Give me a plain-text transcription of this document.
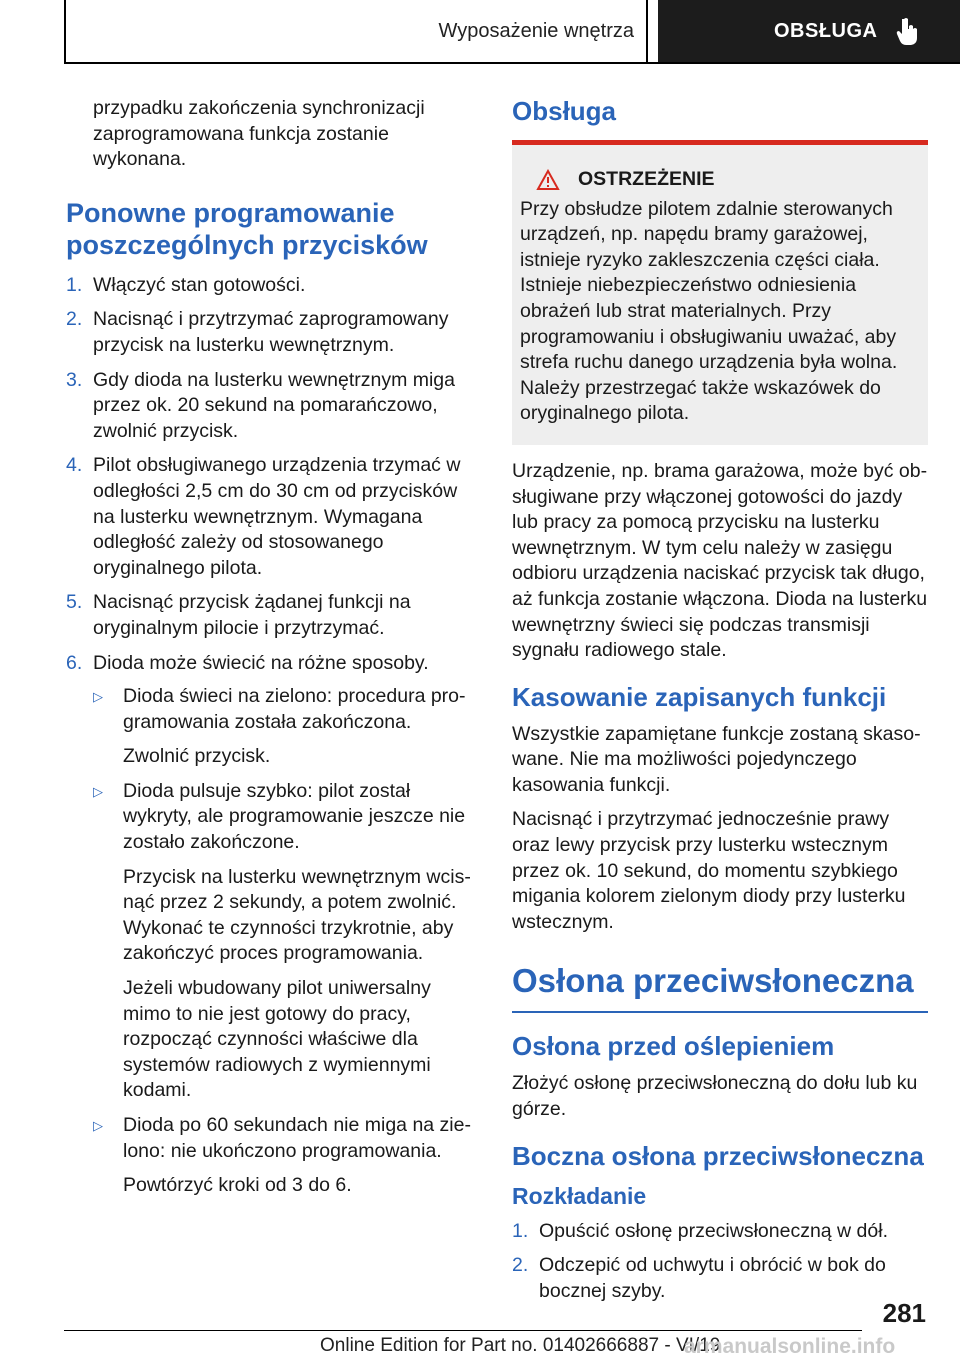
Wyposażenie wnętrza	OBSŁUGA

przypadku zakończenia synchronizacji zaprogramowana funkcja zostanie wykonana.

Ponowne programowanie poszczególnych przycisków
1. Włączyć stan gotowości.
2. Nacisnąć i przytrzymać zaprogramowany przycisk na lusterku wewnętrznym.
3. Gdy dioda na lusterku wewnętrznym miga przez ok. 20 sekund na pomarańczowo, zwolnić przycisk.
4. Pilot obsługiwanego urządzenia trzymać w odległości 2,5 cm do 30 cm od przycisków na lusterku wewnętrznym. Wymagana odległość zależy od stosowanego oryginalnego pilota.
5. Nacisnąć przycisk żądanej funkcji na oryginalnym pilocie i przytrzymać.
6. Dioda może świecić na różne sposoby.
▷ Dioda świeci na zielono: procedura programowania została zakończona.

Zwolnić przycisk.

▷ Dioda pulsuje szybko: pilot został wykryty, ale programowanie jeszcze nie zostało zakończone.

Przycisk na lusterku wewnętrznym wcisnąć przez 2 sekundy, a potem zwolnić. Wykonać te czynności trzykrotnie, aby zakończyć proces programowania.

Jeżeli wbudowany pilot uniwersalny mimo to nie jest gotowy do pracy, rozpocząć czynności właściwe dla systemów radiowych z wymiennymi kodami.

▷ Dioda po 60 sekundach nie miga na zielono: nie ukończono programowania.

Powtórzyć kroki od 3 do 6.

Obsługa
OSTRZEŻENIE

Przy obsłudze pilotem zdalnie sterowanych urządzeń, np. napędu bramy garażowej, istnieje ryzyko zakleszczenia części ciała. Istnieje niebezpieczeństwo odniesienia obrażeń lub strat materialnych. Przy programowaniu i obsługiwaniu uważać, aby strefa ruchu danego urządzenia była wolna. Należy przestrzegać także wskazówek do oryginalnego pilota.

Urządzenie, np. brama garażowa, może być obsługiwane przy włączonej gotowości do jazdy lub pracy za pomocą przycisku na lusterku wewnętrznym. W tym celu należy w zasięgu odbioru urządzenia naciskać przycisk tak długo, aż funkcja zostanie włączona. Dioda na lusterku wewnętrzny świeci się podczas transmisji sygnału radiowego stale.

Kasowanie zapisanych funkcji

Wszystkie zapamiętane funkcje zostaną skasowane. Nie ma możliwości pojedynczego kasowania funkcji.

Nacisnąć i przytrzymać jednocześnie prawy oraz lewy przycisk przy lusterku wstecznym przez ok. 10 sekund, do momentu szybkiego migania kolorem zielonym diody przy lusterku wstecznym.

Osłona przeciwsłoneczna
Osłona przed oślepieniem

Złożyć osłonę przeciwsłoneczną do dołu lub ku górze.

Boczna osłona przeciwsłoneczna
Rozkładanie
1. Opuścić osłonę przeciwsłoneczną w dół.
2. Odczepić od uchwytu i obrócić w bok do bocznej szyby.
281
Online Edition for Part no. 01402666887 - VI/19
armanualsonline.info
